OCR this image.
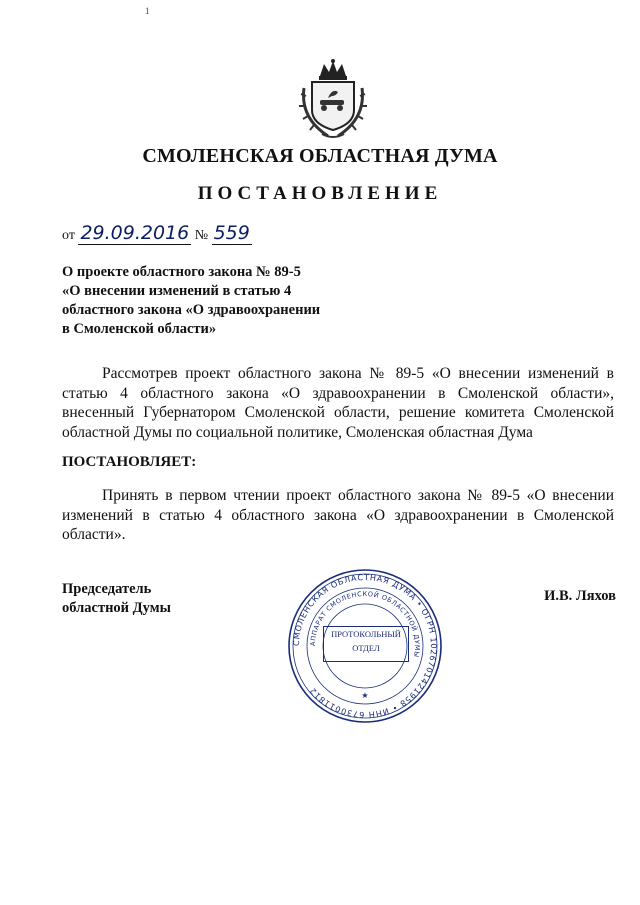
1
СМОЛЕНСКАЯ ОБЛАСТНАЯ ДУМА
ПОСТАНОВЛЕНИЕ
от 29.09.2016 № 559
О проекте областного закона № 89-5
«О внесении изменений в статью 4
областного закона «О здравоохранении
в Смоленской области»
Рассмотрев проект областного закона № 89-5 «О внесении изменений в статью 4 областного закона «О здравоохранении в Смоленской области», внесенный Губернатором Смоленской области, решение комитета Смоленской областной Думы по социальной политике, Смоленская областная Дума
ПОСТАНОВЛЯЕТ:
Принять в первом чтении проект областного закона № 89-5 «О внесении изменений в статью 4 областного закона «О здравоохранении в Смоленской области».
Председатель
областной Думы
И.В. Ляхов
СМОЛЕНСКАЯ ОБЛАСТНАЯ ДУМА • ОГРН 1026701421958 • ИНН 6730011812
АППАРАТ СМОЛЕНСКОЙ ОБЛАСТНОЙ ДУМЫ
★
ПРОТОКОЛЬНЫЙ
ОТДЕЛ
